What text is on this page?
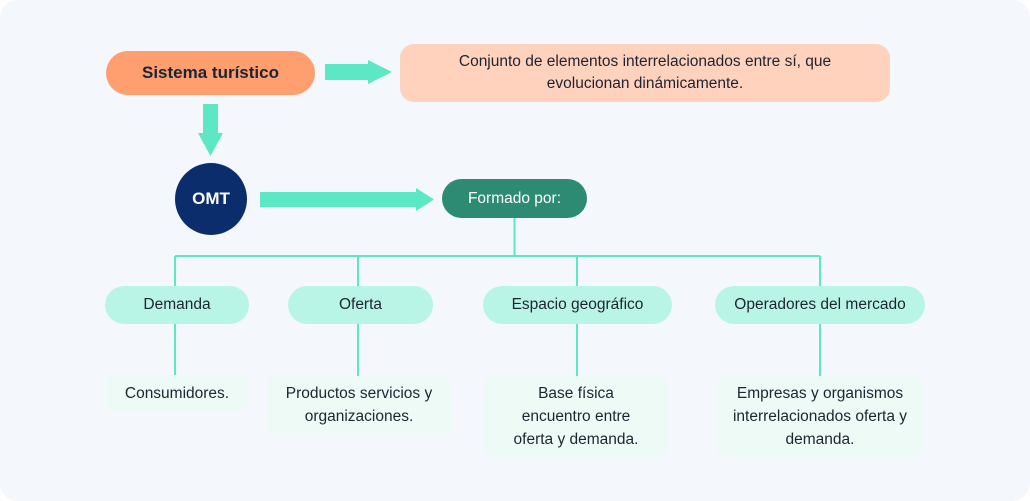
Sistema turístico
Conjunto de elementos interrelacionados entre sí, que evolucionan dinámicamente.
OMT	Formado por:
Demanda	Oferta	Espacio geográfico	Operadores del mercado
Consumidores.	Productos servicios y organizaciones.
Base física encuentro entre oferta y demanda.
Empresas y organismos interrelacionados oferta y demanda.
